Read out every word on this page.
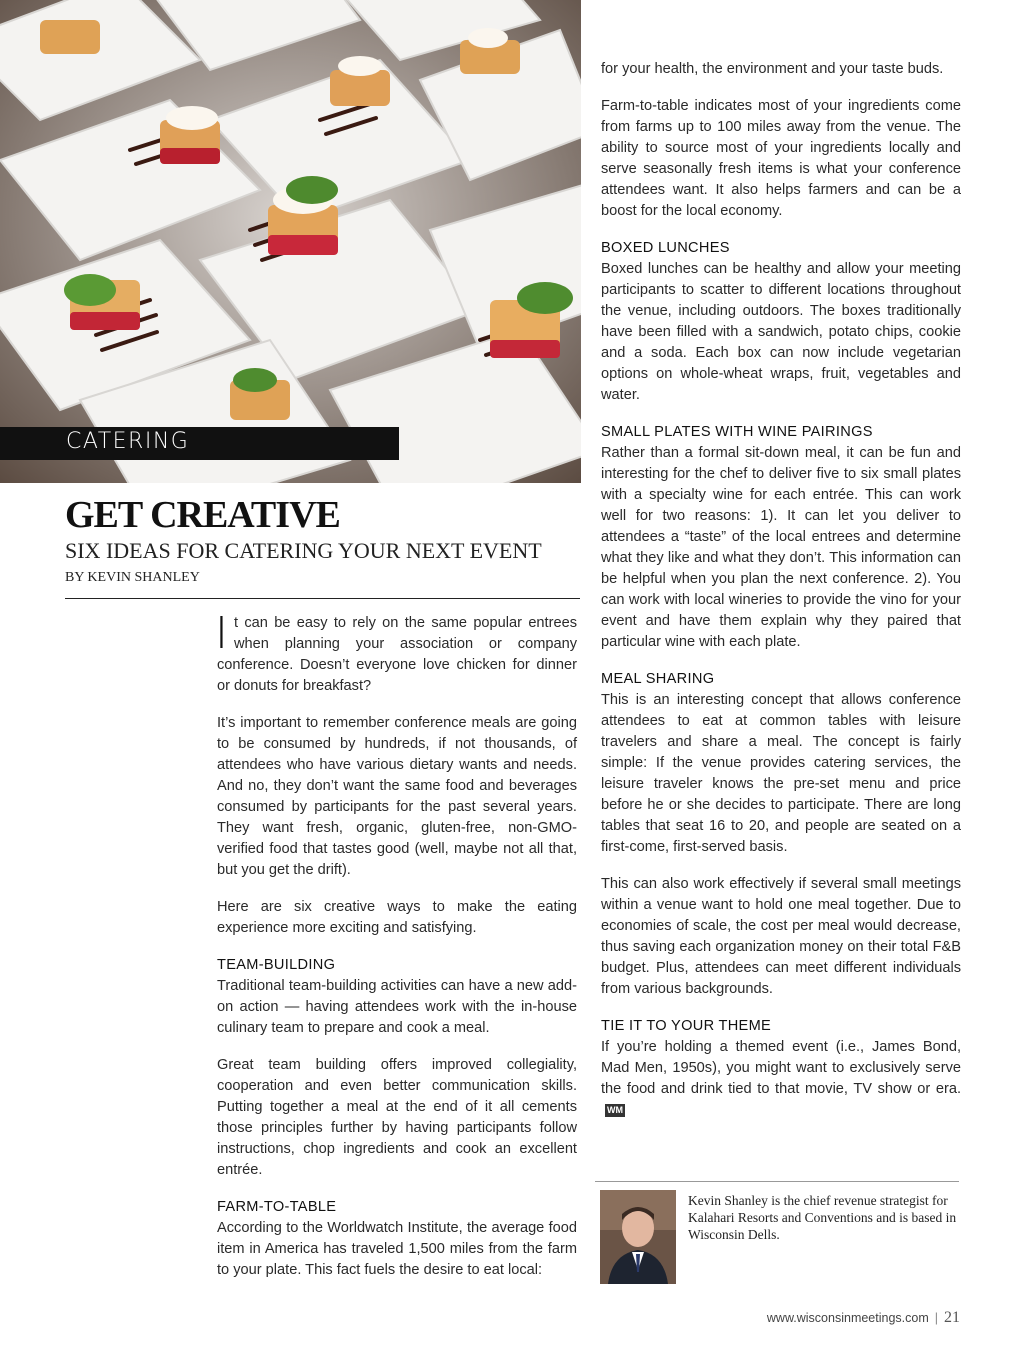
CATERING
GET CREATIVE
SIX IDEAS FOR CATERING YOUR NEXT EVENT
BY KEVIN SHANLEY

It can be easy to rely on the same popular entrees when planning your association or company conference. Doesn’t everyone love chicken for dinner or donuts for breakfast?

It’s important to remember conference meals are going to be consumed by hundreds, if not thousands, of attendees who have various dietary wants and needs. And no, they don’t want the same food and beverages consumed by participants for the past several years. They want fresh, organic, gluten-free, non-GMO-verified food that tastes good (well, maybe not all that, but you get the drift).

Here are six creative ways to make the eating experience more exciting and satisfying.

TEAM-BUILDING

Traditional team-building activities can have a new add-on action — having attendees work with the in-house culinary team to prepare and cook a meal.

Great team building offers improved collegiality, cooperation and even better communication skills. Putting together a meal at the end of it all cements those principles further by having participants follow instructions, chop ingredients and cook an excellent entrée.

FARM-TO-TABLE

According to the Worldwatch Institute, the average food item in America has traveled 1,500 miles from the farm to your plate. This fact fuels the desire to eat local:

for your health, the environment and your taste buds.

Farm-to-table indicates most of your ingredients come from farms up to 100 miles away from the venue. The ability to source most of your ingredients locally and serve seasonally fresh items is what your conference attendees want. It also helps farmers and can be a boost for the local economy.

BOXED LUNCHES

Boxed lunches can be healthy and allow your meeting participants to scatter to different locations throughout the venue, including outdoors. The boxes traditionally have been filled with a sandwich, potato chips, cookie and a soda. Each box can now include vegetarian options on whole-wheat wraps, fruit, vegetables and water.

SMALL PLATES WITH WINE PAIRINGS

Rather than a formal sit-down meal, it can be fun and interesting for the chef to deliver five to six small plates with a specialty wine for each entrée. This can work well for two reasons: 1). It can let you deliver to attendees a “taste” of the local entrees and determine what they like and what they don’t. This information can be helpful when you plan the next conference. 2). You can work with local wineries to provide the vino for your event and have them explain why they paired that particular wine with each plate.

MEAL SHARING

This is an interesting concept that allows conference attendees to eat at common tables with leisure travelers and share a meal. The concept is fairly simple: If the venue provides catering services, the leisure traveler knows the pre-set menu and price before he or she decides to participate. There are long tables that seat 16 to 20, and people are seated on a first-come, first-served basis.

This can also work effectively if several small meetings within a venue want to hold one meal together. Due to economies of scale, the cost per meal would decrease, thus saving each organization money on their total F&B budget. Plus, attendees can meet different individuals from various backgrounds.

TIE IT TO YOUR THEME

If you’re holding a themed event (i.e., James Bond, Mad Men, 1950s), you might want to exclusively serve the food and drink tied to that movie, TV show or era.WM

Kevin Shanley is the chief revenue strategist for Kalahari Resorts and Conventions and is based in Wisconsin Dells.
www.wisconsinmeetings.com | 21
